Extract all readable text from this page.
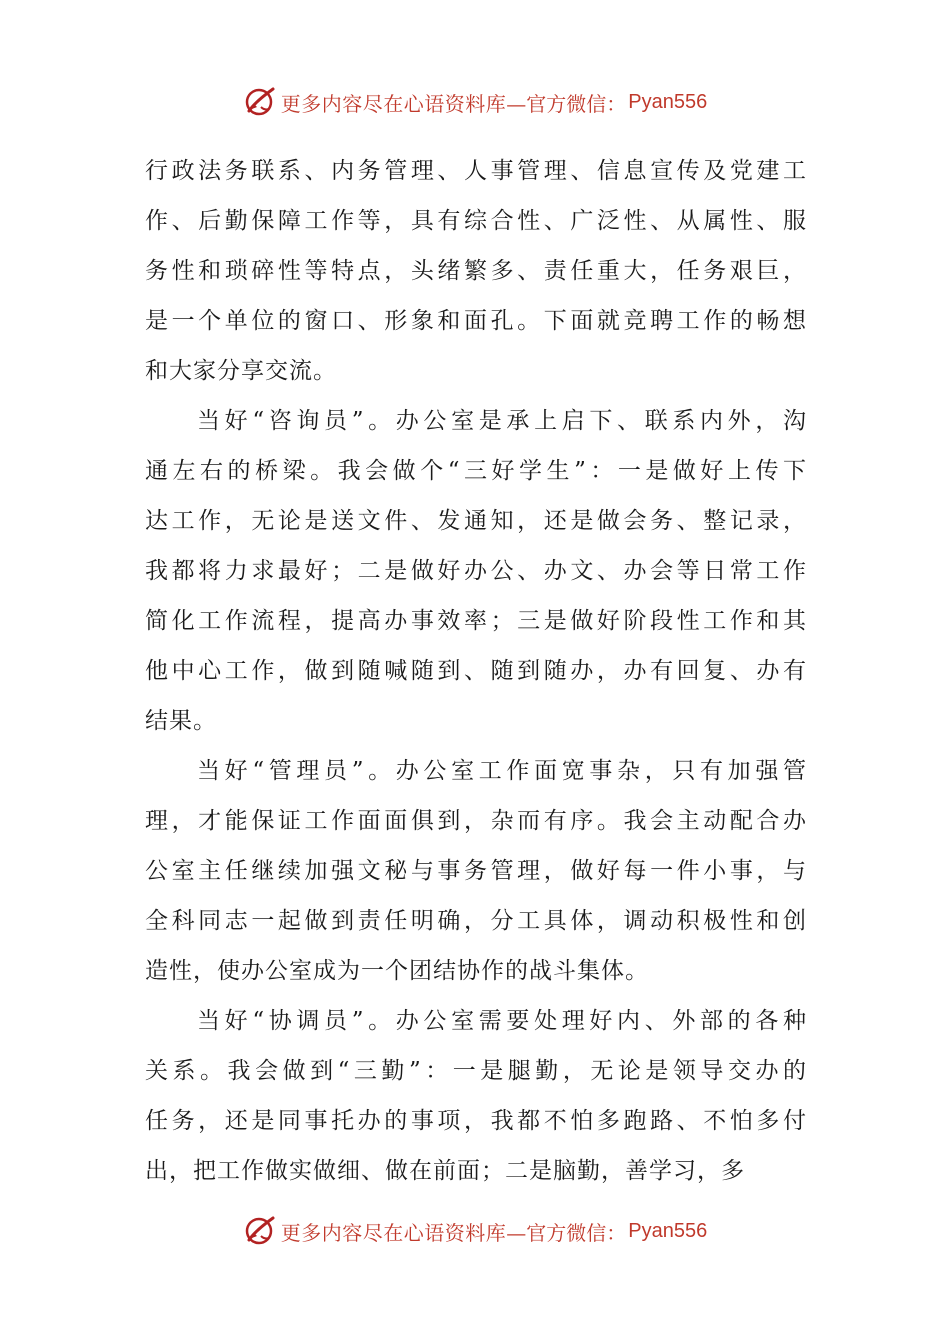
更多内容尽在心语资料库 —官方微信： Pyan556
行政法务联系、内务管理、人事管理、信息宣传及党建工
作、后勤保障工作等，具有综合性、广泛性、从属性、服
务性和琐碎性等特点，头绪繁多、责任重大，任务艰巨，
是一个单位的窗口、形象和面孔。下面就竞聘工作的畅想
和大家分享交流。
当好“咨询员”。办公室是承上启下、联系内外，沟
通左右的桥梁。我会做个“三好学生”：一是做好上传下
达工作，无论是送文件、发通知，还是做会务、整记录，
我都将力求最好；二是做好办公、办文、办会等日常工作
简化工作流程，提高办事效率；三是做好阶段性工作和其
他中心工作，做到随喊随到、随到随办，办有回复、办有
结果。
当好“管理员”。办公室工作面宽事杂，只有加强管
理，才能保证工作面面俱到，杂而有序。我会主动配合办
公室主任继续加强文秘与事务管理，做好每一件小事，与
全科同志一起做到责任明确，分工具体，调动积极性和创
造性，使办公室成为一个团结协作的战斗集体。
当好“协调员”。办公室需要处理好内、外部的各种
关系。我会做到“三勤”：一是腿勤，无论是领导交办的
任务，还是同事托办的事项，我都不怕多跑路、不怕多付
出，把工作做实做细、做在前面；二是脑勤，善学习，多
更多内容尽在心语资料库 —官方微信： Pyan556
